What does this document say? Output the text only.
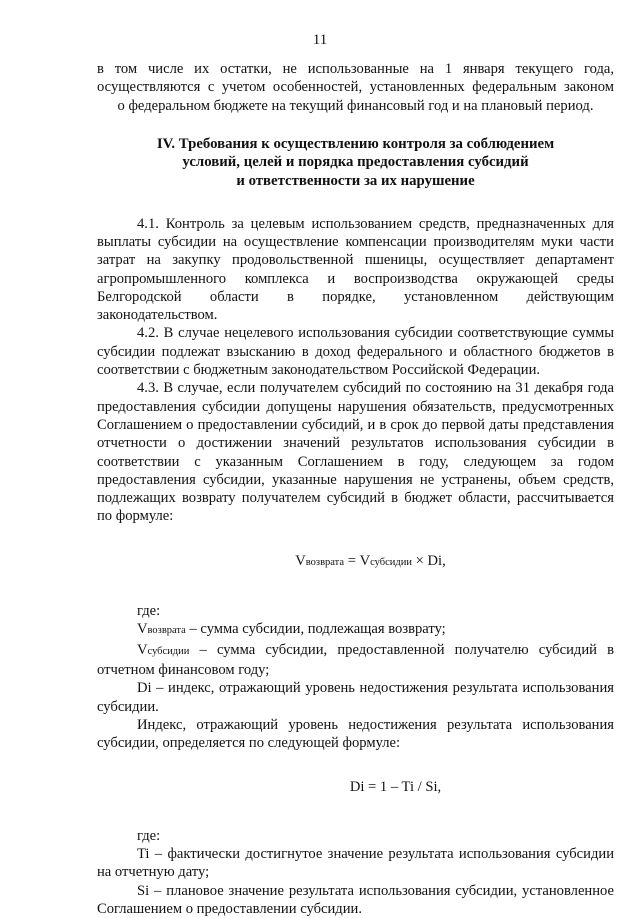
11
в том числе их остатки, не использованные на 1 января текущего года,
осуществляются с учетом особенностей, установленных федеральным законом
о федеральном бюджете на текущий финансовый год и на плановый период.
IV. Требования к осуществлению контроля за соблюдением
условий, целей и порядка предоставления субсидий
и ответственности за их нарушение

4.1. Контроль за целевым использованием средств, предназначенных для выплаты субсидии на осуществление компенсации производителям муки части затрат на закупку продовольственной пшеницы, осуществляет департамент агропромышленного комплекса и воспроизводства окружающей среды Белгородской области в порядке, установленном действующим законодательством.

4.2. В случае нецелевого использования субсидии соответствующие суммы субсидии подлежат взысканию в доход федерального и областного бюджетов в соответствии с бюджетным законодательством Российской Федерации.

4.3. В случае, если получателем субсидий по состоянию на 31 декабря года предоставления субсидии допущены нарушения обязательств, предусмотренных Соглашением о предоставлении субсидий, и в срок до первой даты представления отчетности о достижении значений результатов использования субсидии в соответствии с указанным Соглашением в году, следующем за годом предоставления субсидии, указанные нарушения не устранены, объем средств, подлежащих возврату получателем субсидий в бюджет области, рассчитывается по формуле:

Vвозврата = Vсубсидии × Di,

где:

Vвозврата – сумма субсидии, подлежащая возврату;

Vсубсидии – сумма субсидии, предоставленной получателю субсидий в отчетном финансовом году;

Di – индекс, отражающий уровень недостижения результата использования субсидии.

Индекс, отражающий уровень недостижения результата использования субсидии, определяется по следующей формуле:

Di = 1 – Ti / Si,

где:

Ti – фактически достигнутое значение результата использования субсидии на отчетную дату;

Si – плановое значение результата использования субсидии, установленное Соглашением о предоставлении субсидии.
